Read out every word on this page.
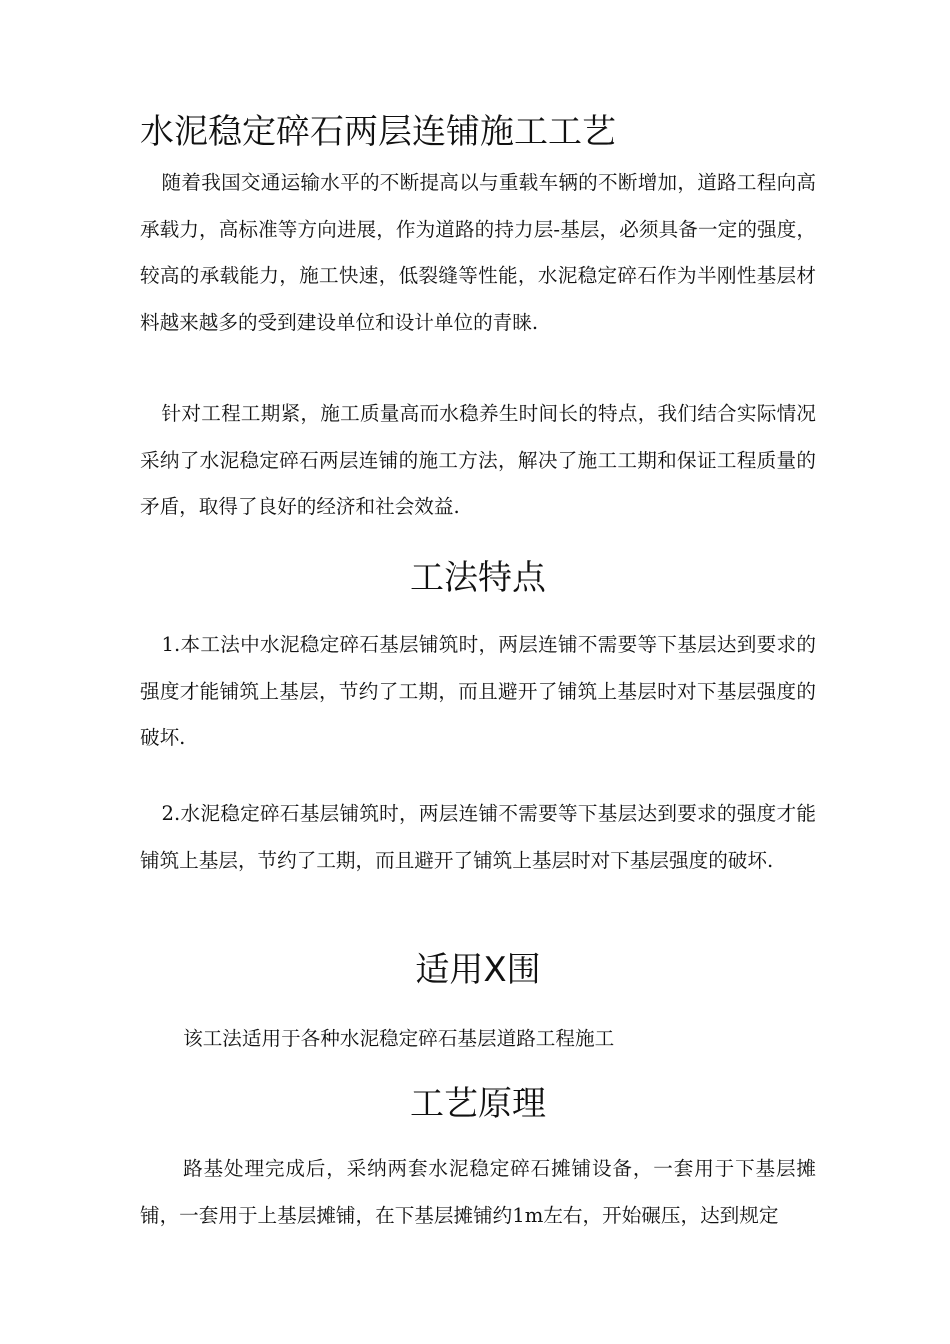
水泥稳定碎石两层连铺施工工艺

随着我国交通运输水平的不断提高以与重载车辆的不断增加，道路工程向高承载力，高标准等方向进展，作为道路的持力层-基层，必须具备一定的强度，较高的承载能力，施工快速，低裂缝等性能，水泥稳定碎石作为半刚性基层材料越来越多的受到建设单位和设计单位的青睐.

针对工程工期紧，施工质量高而水稳养生时间长的特点，我们结合实际情况采纳了水泥稳定碎石两层连铺的施工方法，解决了施工工期和保证工程质量的矛盾，取得了良好的经济和社会效益.

工法特点

1.本工法中水泥稳定碎石基层铺筑时，两层连铺不需要等下基层达到要求的强度才能铺筑上基层，节约了工期，而且避开了铺筑上基层时对下基层强度的破坏.

2.水泥稳定碎石基层铺筑时，两层连铺不需要等下基层达到要求的强度才能铺筑上基层，节约了工期，而且避开了铺筑上基层时对下基层强度的破坏.

适用X围

该工法适用于各种水泥稳定碎石基层道路工程施工

工艺原理

路基处理完成后，采纳两套水泥稳定碎石摊铺设备，一套用于下基层摊铺，一套用于上基层摊铺，在下基层摊铺约1m左右，开始碾压，达到规定
